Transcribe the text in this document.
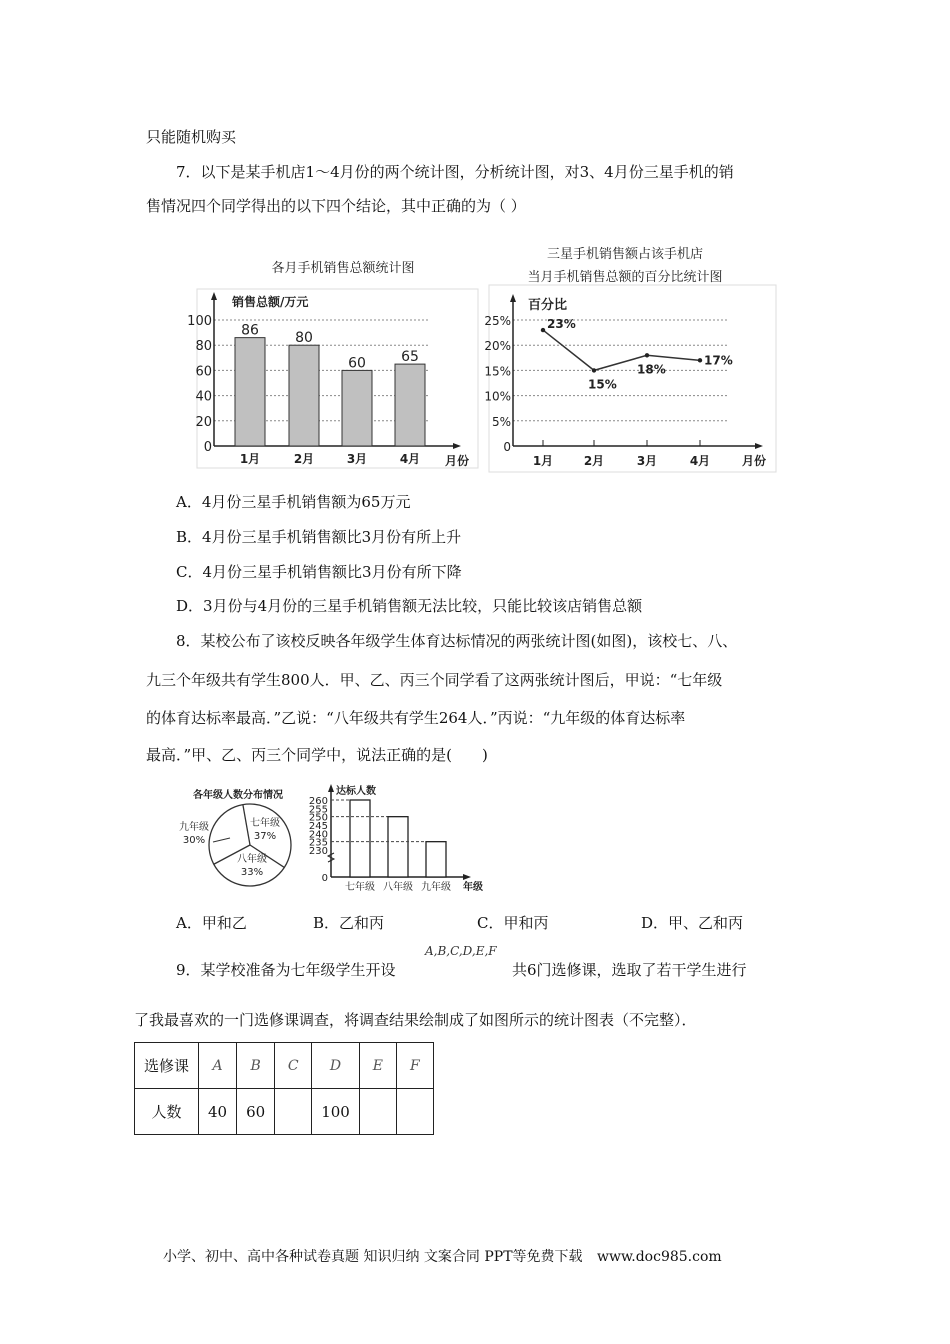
只能随机购买
7．以下是某手机店1～4月份的两个统计图，分析统计图，对3、4月份三星手机的销
售情况四个同学得出的以下四个结论，其中正确的为（ ）
A．4月份三星手机销售额为65万元
B．4月份三星手机销售额比3月份有所上升
C．4月份三星手机销售额比3月份有所下降
D．3月份与4月份的三星手机销售额无法比较，只能比较该店销售总额
8．某校公布了该校反映各年级学生体育达标情况的两张统计图(如图)，该校七、八、
九三个年级共有学生800人．甲、乙、丙三个同学看了这两张统计图后，甲说：“七年级
的体育达标率最高．”乙说：“八年级共有学生264人．”丙说：“九年级的体育达标率
最高．”甲、乙、丙三个同学中，说法正确的是(　　)
A．甲和乙	B．乙和丙	C．甲和丙	D．甲、乙和丙
9．某学校准备为七年级学生开设
A,B,C,D,E,F
共6门选修课，选取了若干学生进行
了我最喜欢的一门选修课调查，将调查结果绘制成了如图所示的统计图表（不完整）．
选修课	A	B	C	D	E	F
人数	40	60		100		
小学、初中、高中各种试卷真题 知识归纳 文案合同 PPT等免费下载 www.doc985.com
各月手机销售总额统计图
0
20
40
60
80
100
销售总额/万元
月份
86
1月
80
2月
60
3月
65
4月
三星手机销售额占该手机店
当月手机销售总额的百分比统计图
0
5%
10%
15%
20%
25%
百分比
月份
23%
1月
15%
2月
18%
3月
17%
4月
各年级人数分布情况
七年级
37%
八年级
33%
九年级
30%
达标人数
年级
0
230
235
240
245
250
255
260
七年级 八年级 九年级
